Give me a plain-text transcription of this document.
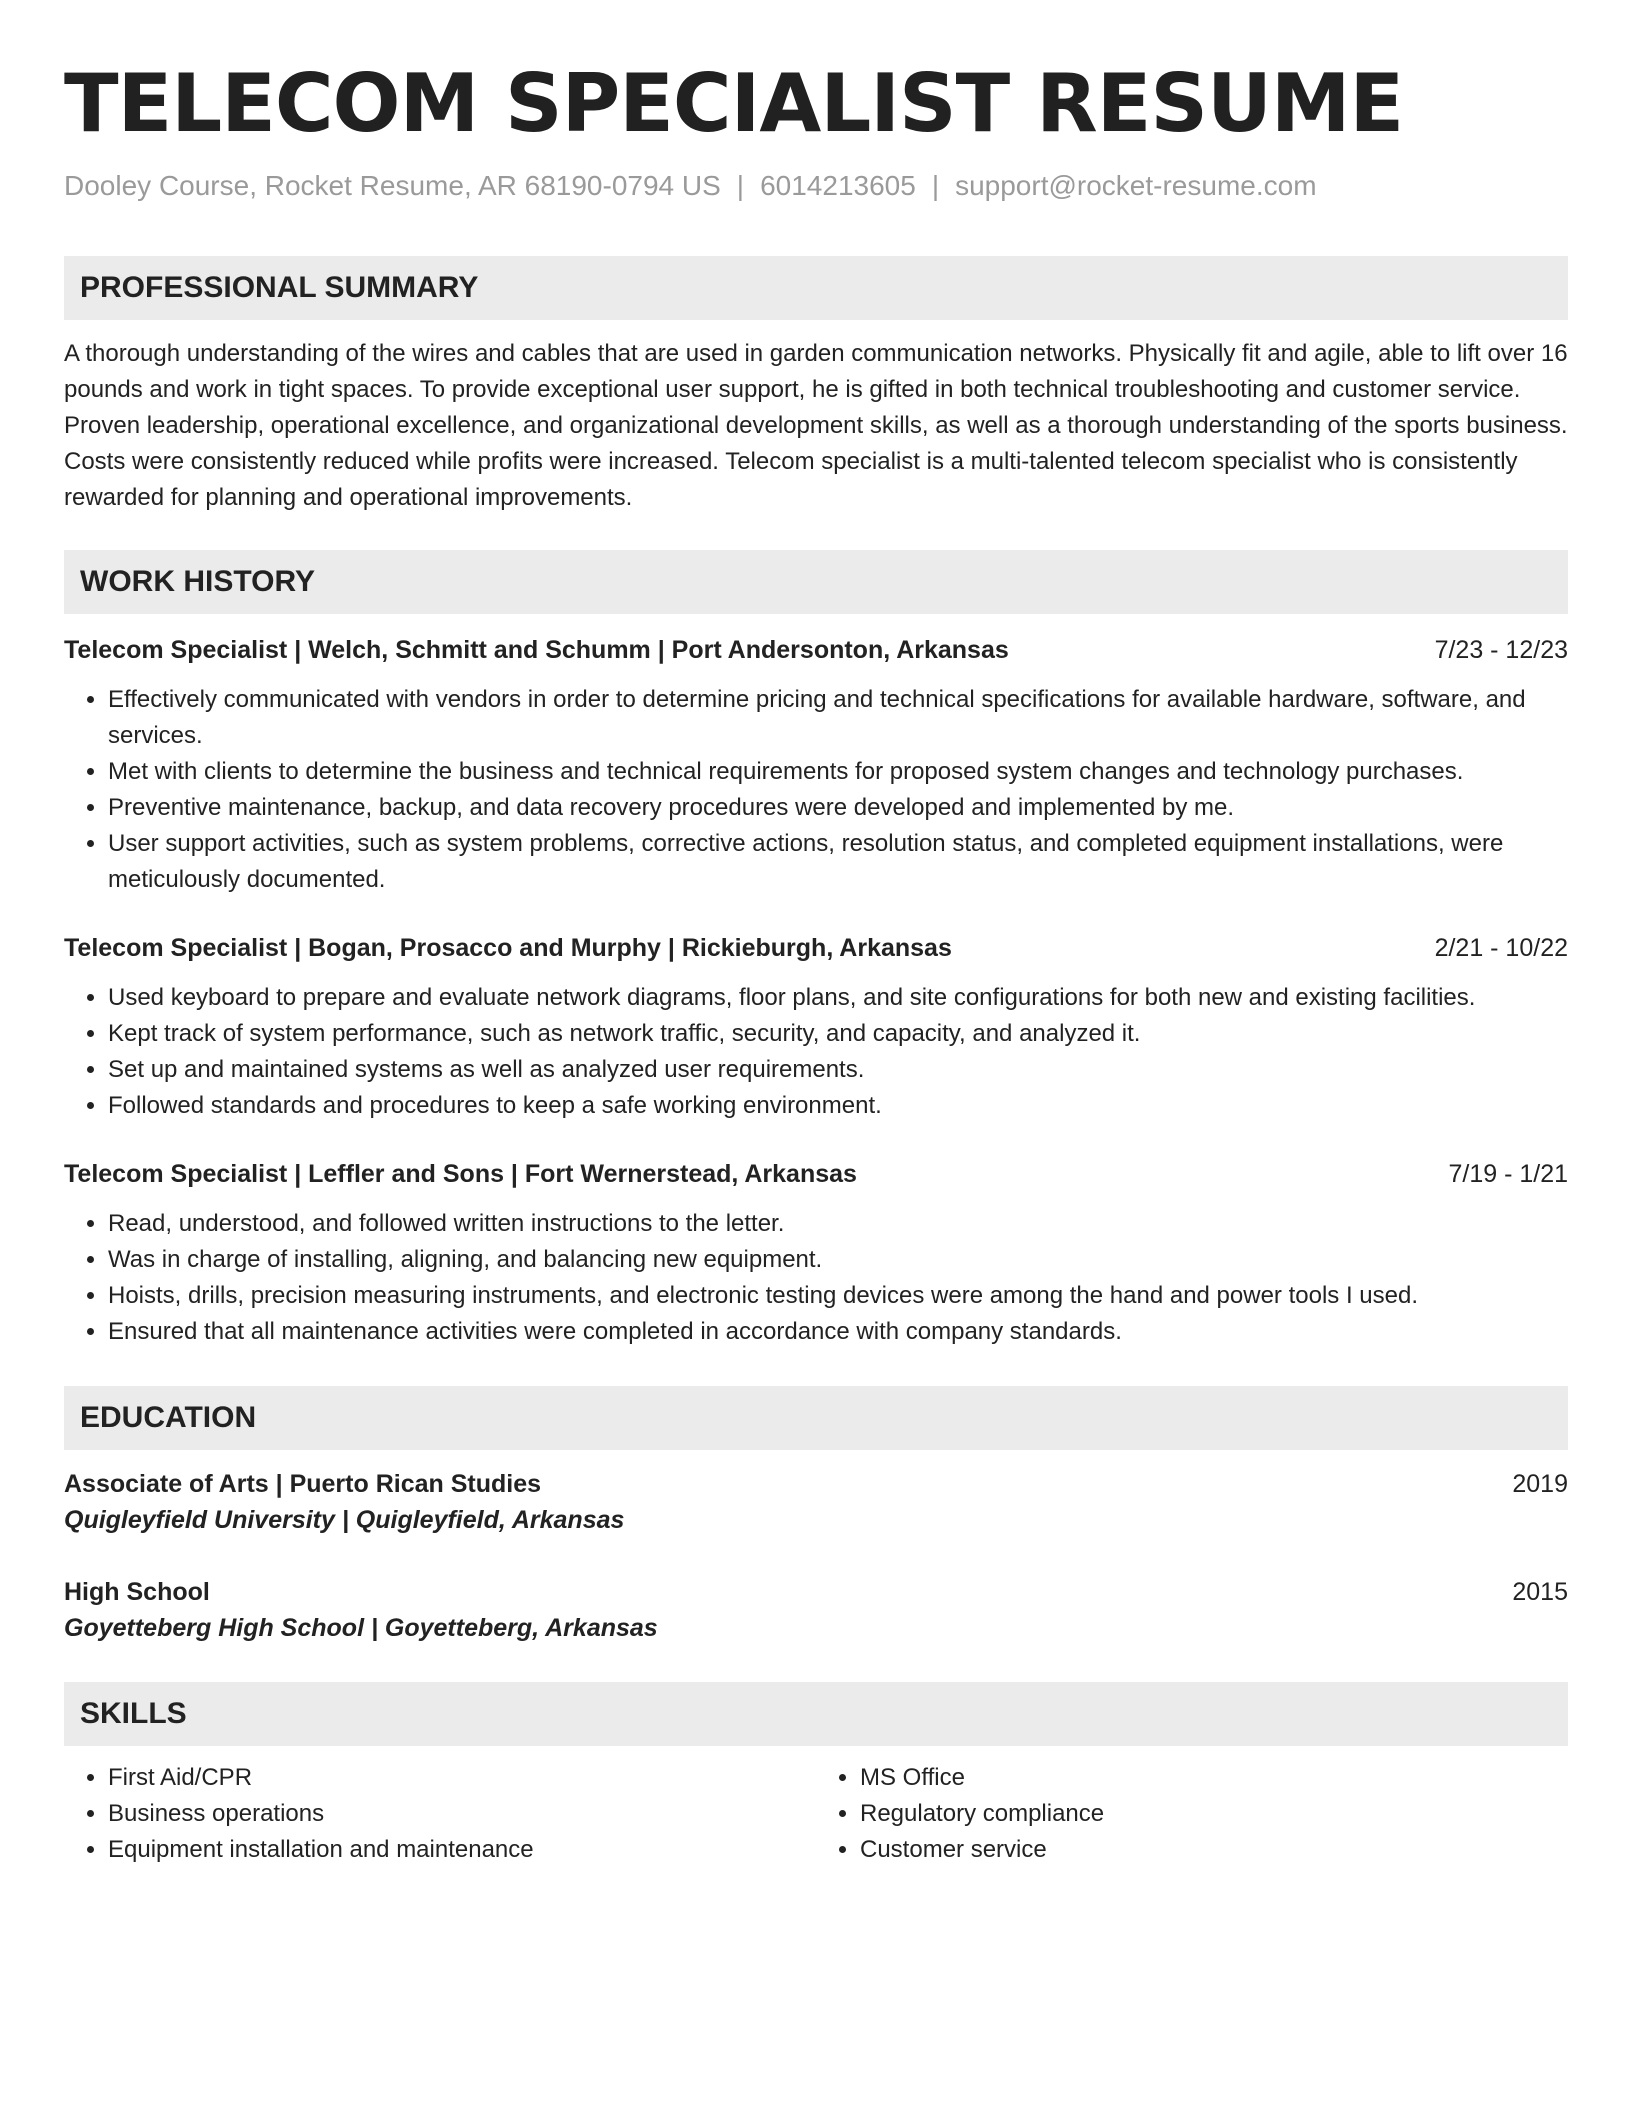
TELECOM SPECIALIST RESUME
Dooley Course, Rocket Resume, AR 68190-0794 US | 6014213605 | support@rocket-resume.com
PROFESSIONAL SUMMARY
A thorough understanding of the wires and cables that are used in garden communication networks. Physically fit and agile, able to lift over 16 pounds and work in tight spaces. To provide exceptional user support, he is gifted in both technical troubleshooting and customer service. Proven leadership, operational excellence, and organizational development skills, as well as a thorough understanding of the sports business. Costs were consistently reduced while profits were increased. Telecom specialist is a multi-talented telecom specialist who is consistently rewarded for planning and operational improvements.
WORK HISTORY
Telecom Specialist | Welch, Schmitt and Schumm | Port Andersonton, Arkansas	7/23 - 12/23
• Effectively communicated with vendors in order to determine pricing and technical specifications for available hardware, software, and services.
• Met with clients to determine the business and technical requirements for proposed system changes and technology purchases.
• Preventive maintenance, backup, and data recovery procedures were developed and implemented by me.
• User support activities, such as system problems, corrective actions, resolution status, and completed equipment installations, were meticulously documented.
Telecom Specialist | Bogan, Prosacco and Murphy | Rickieburgh, Arkansas	2/21 - 10/22
• Used keyboard to prepare and evaluate network diagrams, floor plans, and site configurations for both new and existing facilities.
• Kept track of system performance, such as network traffic, security, and capacity, and analyzed it.
• Set up and maintained systems as well as analyzed user requirements.
• Followed standards and procedures to keep a safe working environment.
Telecom Specialist | Leffler and Sons | Fort Wernerstead, Arkansas	7/19 - 1/21
• Read, understood, and followed written instructions to the letter.
• Was in charge of installing, aligning, and balancing new equipment.
• Hoists, drills, precision measuring instruments, and electronic testing devices were among the hand and power tools I used.
• Ensured that all maintenance activities were completed in accordance with company standards.
EDUCATION
Associate of Arts | Puerto Rican Studies	2019
Quigleyfield University | Quigleyfield, Arkansas
High School	2015
Goyetteberg High School | Goyetteberg, Arkansas
SKILLS
• First Aid/CPR
• Business operations
• Equipment installation and maintenance
• MS Office
• Regulatory compliance
• Customer service
